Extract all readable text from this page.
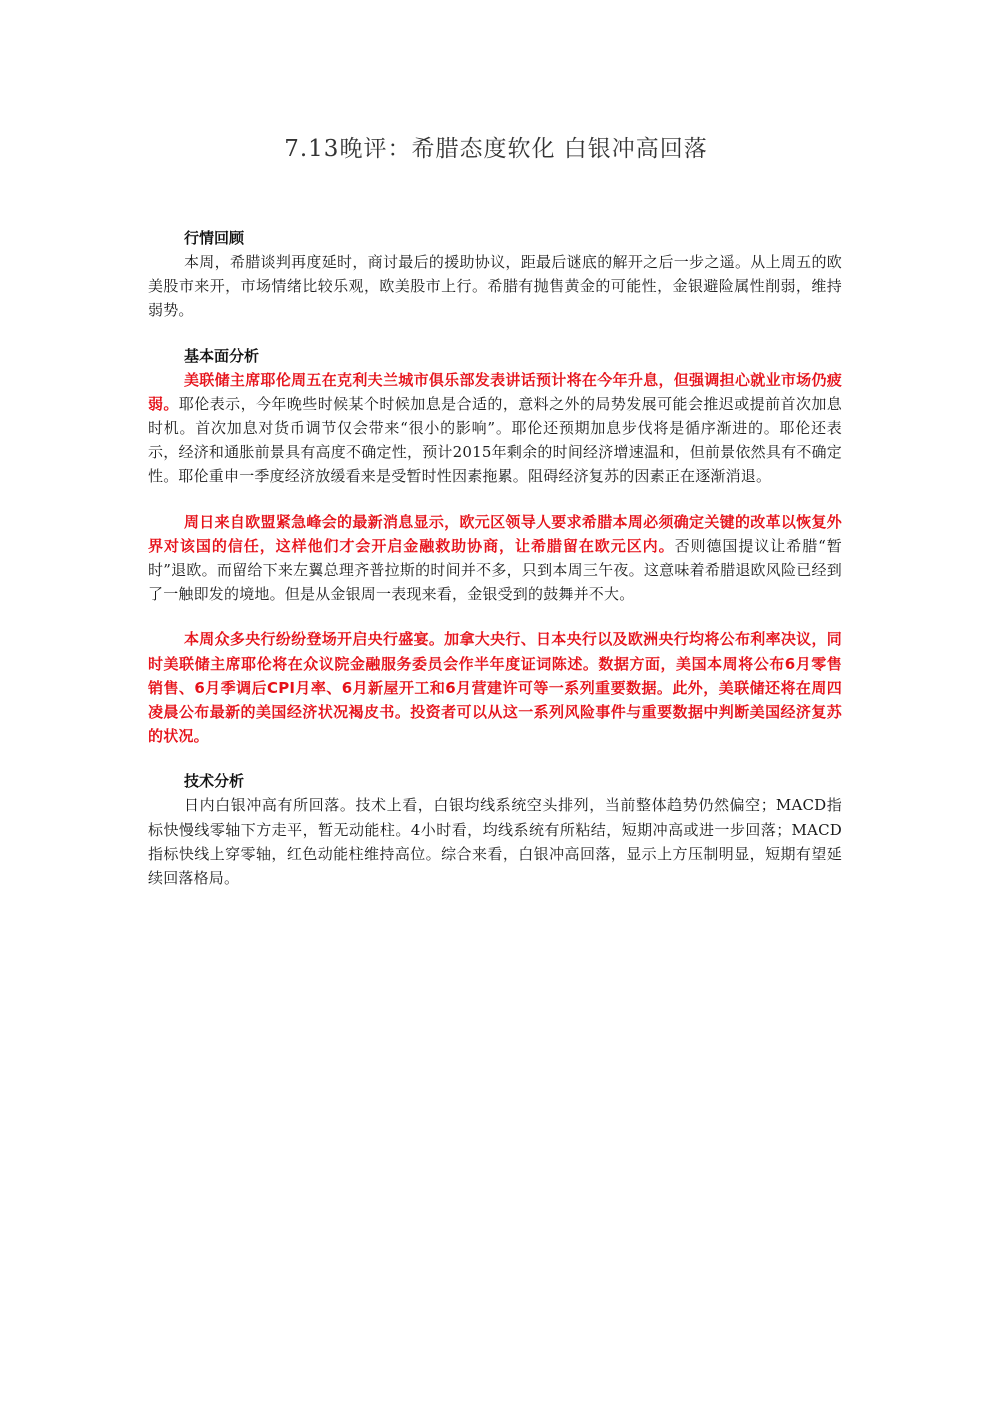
7.13晚评：希腊态度软化 白银冲高回落
行情回顾

本周，希腊谈判再度延时，商讨最后的援助协议，距最后谜底的解开之后一步之遥。从上周五的欧美股市来开，市场情绪比较乐观，欧美股市上行。希腊有抛售黄金的可能性，金银避险属性削弱，维持弱势。

基本面分析

美联储主席耶伦周五在克利夫兰城市俱乐部发表讲话预计将在今年升息，但强调担心就业市场仍疲弱。耶伦表示，今年晚些时候某个时候加息是合适的，意料之外的局势发展可能会推迟或提前首次加息时机。首次加息对货币调节仅会带来“很小的影响”。耶伦还预期加息步伐将是循序渐进的。耶伦还表示，经济和通胀前景具有高度不确定性，预计2015年剩余的时间经济增速温和，但前景依然具有不确定性。耶伦重申一季度经济放缓看来是受暂时性因素拖累。阻碍经济复苏的因素正在逐渐消退。

周日来自欧盟紧急峰会的最新消息显示，欧元区领导人要求希腊本周必须确定关键的改革以恢复外界对该国的信任，这样他们才会开启金融救助协商，让希腊留在欧元区内。否则德国提议让希腊“暂时”退欧。而留给下来左翼总理齐普拉斯的时间并不多，只到本周三午夜。这意味着希腊退欧风险已经到了一触即发的境地。但是从金银周一表现来看，金银受到的鼓舞并不大。

本周众多央行纷纷登场开启央行盛宴。加拿大央行、日本央行以及欧洲央行均将公布利率决议，同时美联储主席耶伦将在众议院金融服务委员会作半年度证词陈述。数据方面，美国本周将公布6月零售销售、6月季调后CPI月率、6月新屋开工和6月营建许可等一系列重要数据。此外，美联储还将在周四凌晨公布最新的美国经济状况褐皮书。投资者可以从这一系列风险事件与重要数据中判断美国经济复苏的状况。

技术分析

日内白银冲高有所回落。技术上看，白银均线系统空头排列，当前整体趋势仍然偏空；MACD指标快慢线零轴下方走平，暂无动能柱。4小时看，均线系统有所粘结，短期冲高或进一步回落；MACD指标快线上穿零轴，红色动能柱维持高位。综合来看，白银冲高回落，显示上方压制明显，短期有望延续回落格局。
